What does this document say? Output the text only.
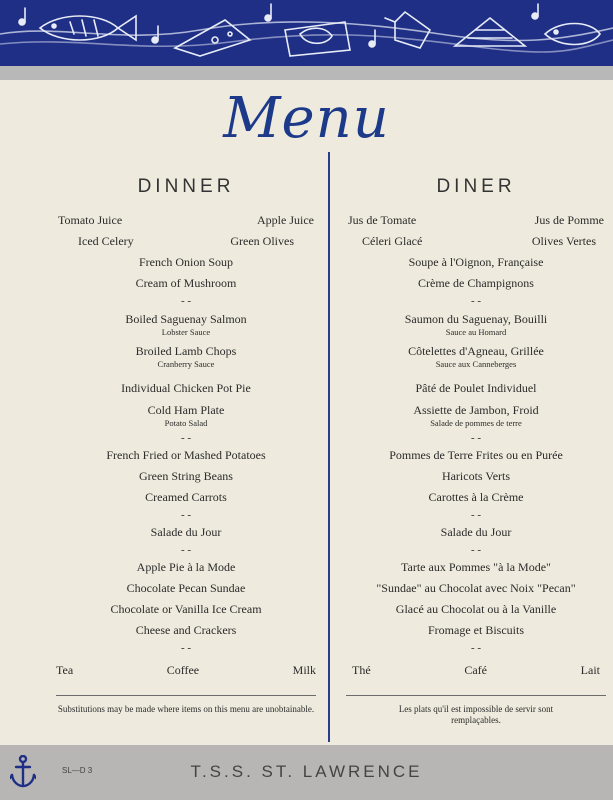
Menu
DINNER
Tomato Juice	Apple Juice
Iced Celery	Green Olives
French Onion Soup
Cream of Mushroom
- -
Boiled Saguenay Salmon
Lobster Sauce
Broiled Lamb Chops
Cranberry Sauce
Individual Chicken Pot Pie
Cold Ham Plate
Potato Salad
- -
French Fried or Mashed Potatoes
Green String Beans
Creamed Carrots
- -
Salade du Jour
- -
Apple Pie à la Mode
Chocolate Pecan Sundae
Chocolate or Vanilla Ice Cream
Cheese and Crackers
- -
Tea	Coffee	Milk
Substitutions may be made where items on this menu are unobtainable.
DINER
Jus de Tomate	Jus de Pomme
Céleri Glacé	Olives Vertes
Soupe à l'Oignon, Française
Crème de Champignons
- -
Saumon du Saguenay, Bouilli
Sauce au Homard
Côtelettes d'Agneau, Grillée
Sauce aux Canneberges
Pâté de Poulet Individuel
Assiette de Jambon, Froid
Salade de pommes de terre
- -
Pommes de Terre Frites ou en Purée
Haricots Verts
Carottes à la Crème
- -
Salade du Jour
- -
Tarte aux Pommes "à la Mode"
"Sundae" au Chocolat avec Noix "Pecan"
Glacé au Chocolat ou à la Vanille
Fromage et Biscuits
- -
Thé	Café	Lait
Les plats qu'il est impossible de servir sont remplaçables.
SL—D 3	T.S.S. ST. LAWRENCE
